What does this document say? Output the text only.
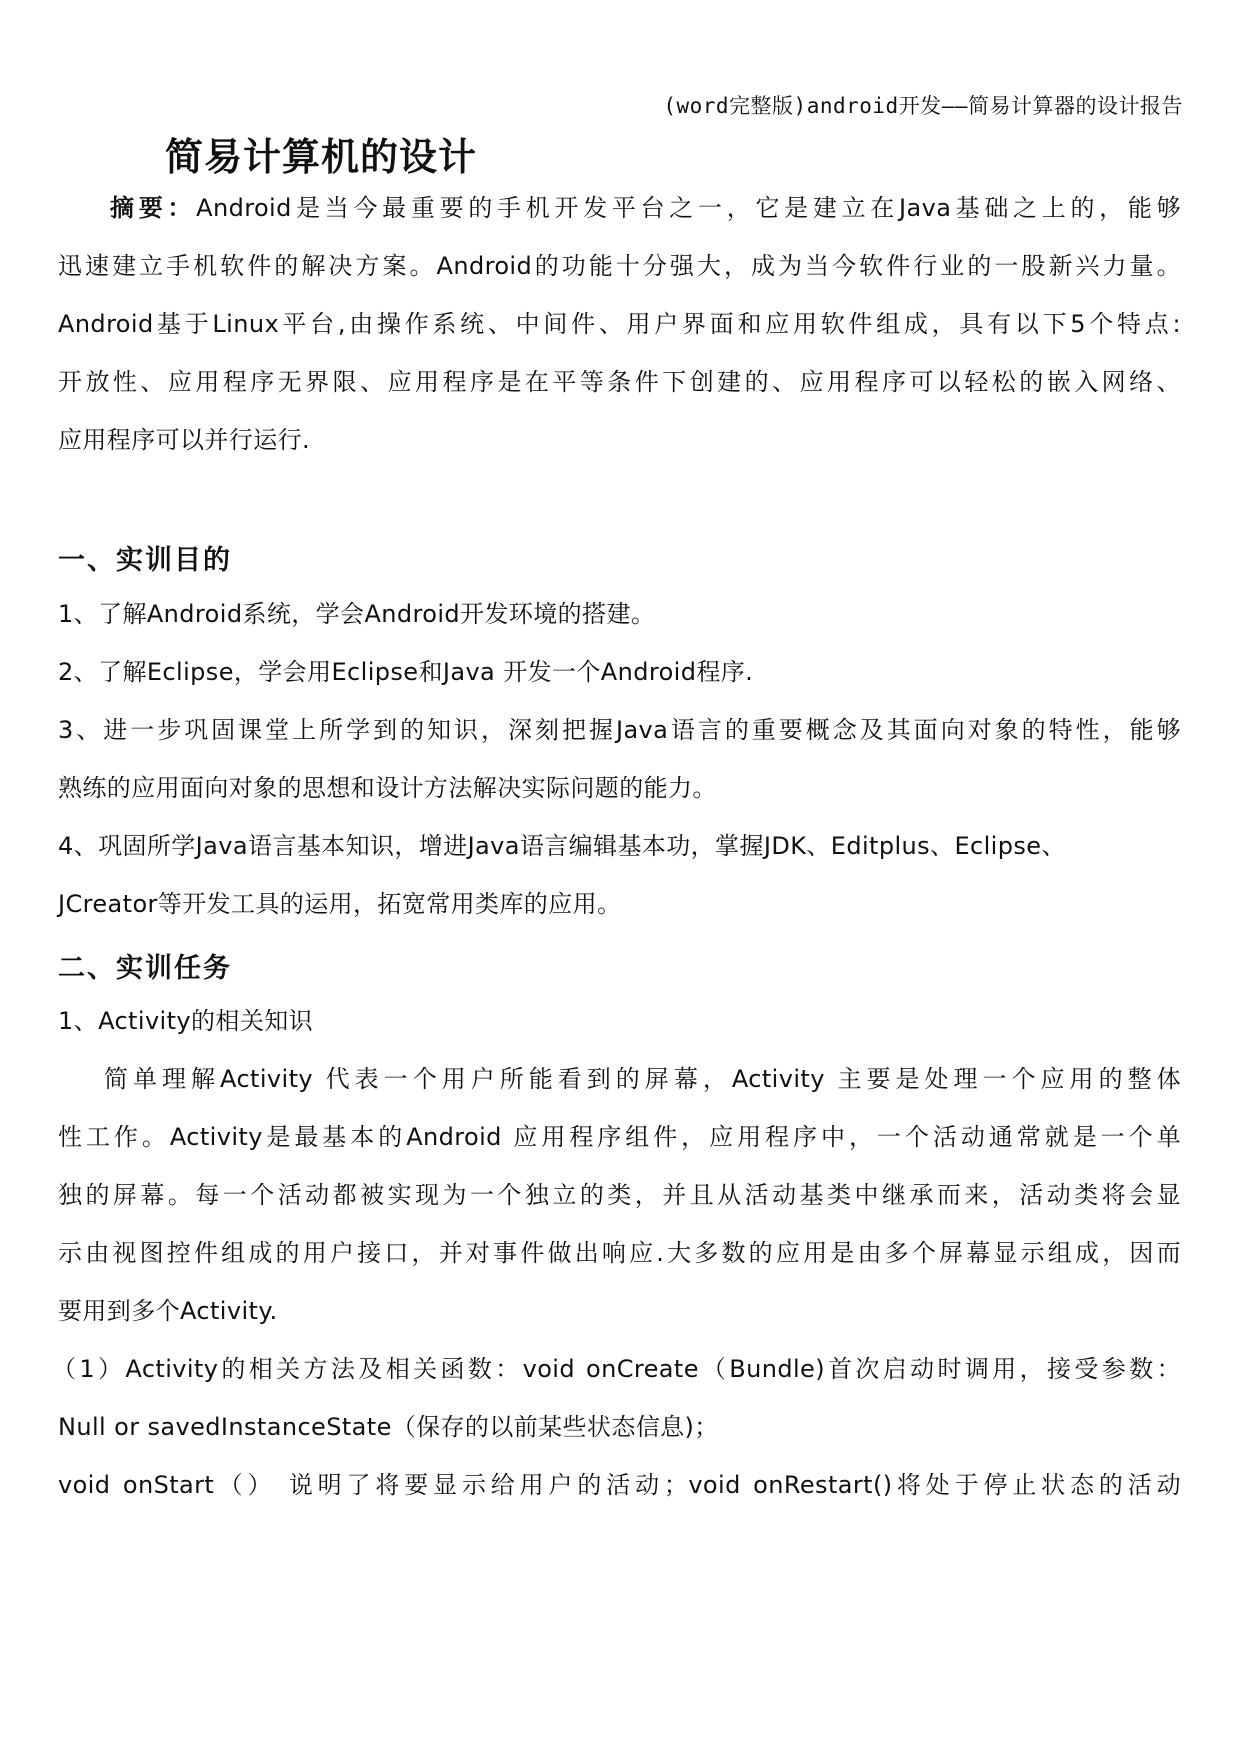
(word完整版)android开发——简易计算器的设计报告
简易计算机的设计
摘要：Android是当今最重要的手机开发平台之一，它是建立在Java基础之上的，能够
迅速建立手机软件的解决方案。Android的功能十分强大，成为当今软件行业的一股新兴力量。
Android基于Linux平台,由操作系统、中间件、用户界面和应用软件组成，具有以下5个特点:
开放性、应用程序无界限、应用程序是在平等条件下创建的、应用程序可以轻松的嵌入网络、
应用程序可以并行运行.
一、实训目的
1、了解Android系统，学会Android开发环境的搭建。
2、了解Eclipse，学会用Eclipse和Java 开发一个Android程序.
3、进一步巩固课堂上所学到的知识，深刻把握Java语言的重要概念及其面向对象的特性，能够
熟练的应用面向对象的思想和设计方法解决实际问题的能力。
4、巩固所学Java语言基本知识，增进Java语言编辑基本功，掌握JDK、Editplus、Eclipse、
JCreator等开发工具的运用，拓宽常用类库的应用。
二、实训任务
1、Activity的相关知识
简单理解Activity 代表一个用户所能看到的屏幕，Activity 主要是处理一个应用的整体
性工作。Activity是最基本的Android 应用程序组件，应用程序中，一个活动通常就是一个单
独的屏幕。每一个活动都被实现为一个独立的类，并且从活动基类中继承而来，活动类将会显
示由视图控件组成的用户接口，并对事件做出响应.大多数的应用是由多个屏幕显示组成，因而
要用到多个Activity.
（1）Activity的相关方法及相关函数：void onCreate（Bundle)首次启动时调用，接受参数：
Null or savedInstanceState（保存的以前某些状态信息)；
void onStart（） 说明了将要显示给用户的活动；void onRestart()将处于停止状态的活动
